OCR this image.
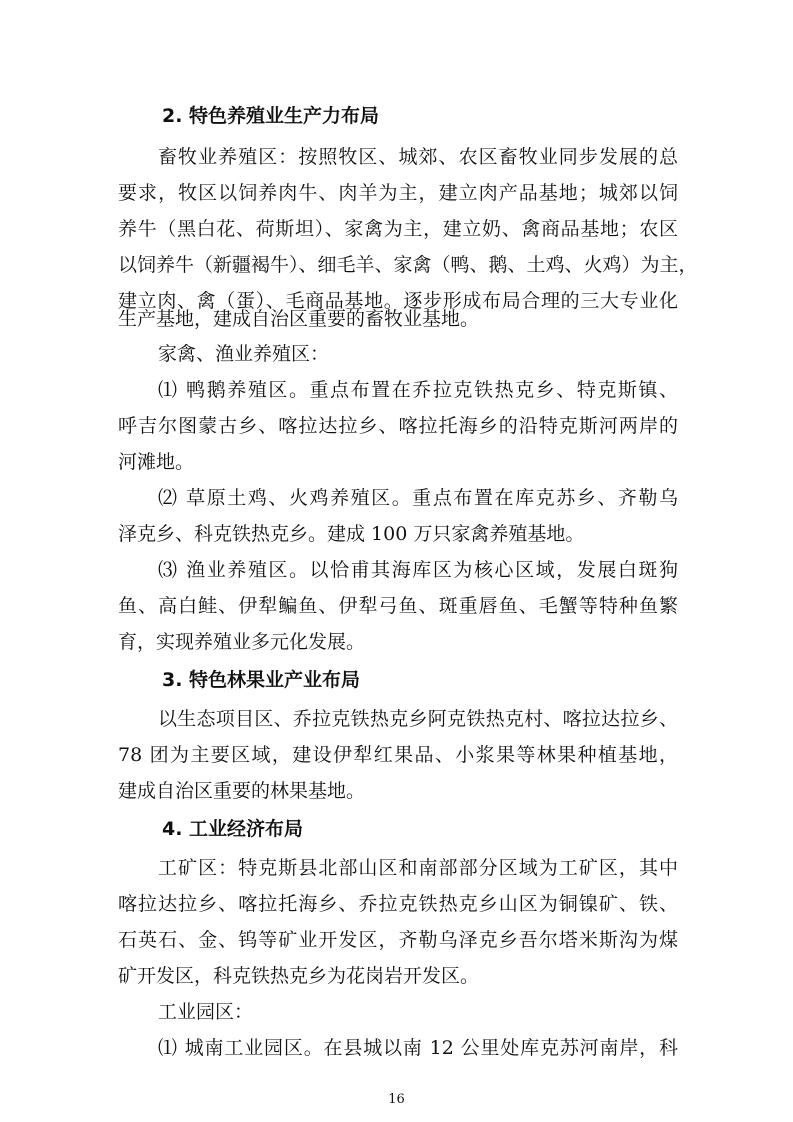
2. 特色养殖业生产力布局
畜牧业养殖区：按照牧区、城郊、农区畜牧业同步发展的总
要求，牧区以饲养肉牛、肉羊为主，建立肉产品基地；城郊以饲
养牛（黑白花、荷斯坦）、家禽为主，建立奶、禽商品基地；农区
以饲养牛（新疆褐牛）、细毛羊、家禽（鸭、鹅、土鸡、火鸡）为主，
建立肉、禽（蛋）、毛商品基地。逐步形成布局合理的三大专业化
生产基地，建成自治区重要的畜牧业基地。
家禽、渔业养殖区：
⑴ 鸭鹅养殖区。重点布置在乔拉克铁热克乡、特克斯镇、
呼吉尔图蒙古乡、喀拉达拉乡、喀拉托海乡的沿特克斯河两岸的
河滩地。
⑵ 草原土鸡、火鸡养殖区。重点布置在库克苏乡、齐勒乌
泽克乡、科克铁热克乡。建成 100 万只家禽养殖基地。
⑶ 渔业养殖区。以恰甫其海库区为核心区域，发展白斑狗
鱼、高白鲑、伊犁鳊鱼、伊犁弓鱼、斑重唇鱼、毛蟹等特种鱼繁
育，实现养殖业多元化发展。
3. 特色林果业产业布局
以生态项目区、乔拉克铁热克乡阿克铁热克村、喀拉达拉乡、
78 团为主要区域，建设伊犁红果品、小浆果等林果种植基地，
建成自治区重要的林果基地。
4. 工业经济布局
工矿区：特克斯县北部山区和南部部分区域为工矿区，其中
喀拉达拉乡、喀拉托海乡、乔拉克铁热克乡山区为铜镍矿、铁、
石英石、金、钨等矿业开发区，齐勒乌泽克乡吾尔塔米斯沟为煤
矿开发区，科克铁热克乡为花岗岩开发区。
工业园区：
⑴ 城南工业园区。在县城以南 12 公里处库克苏河南岸，科
16
